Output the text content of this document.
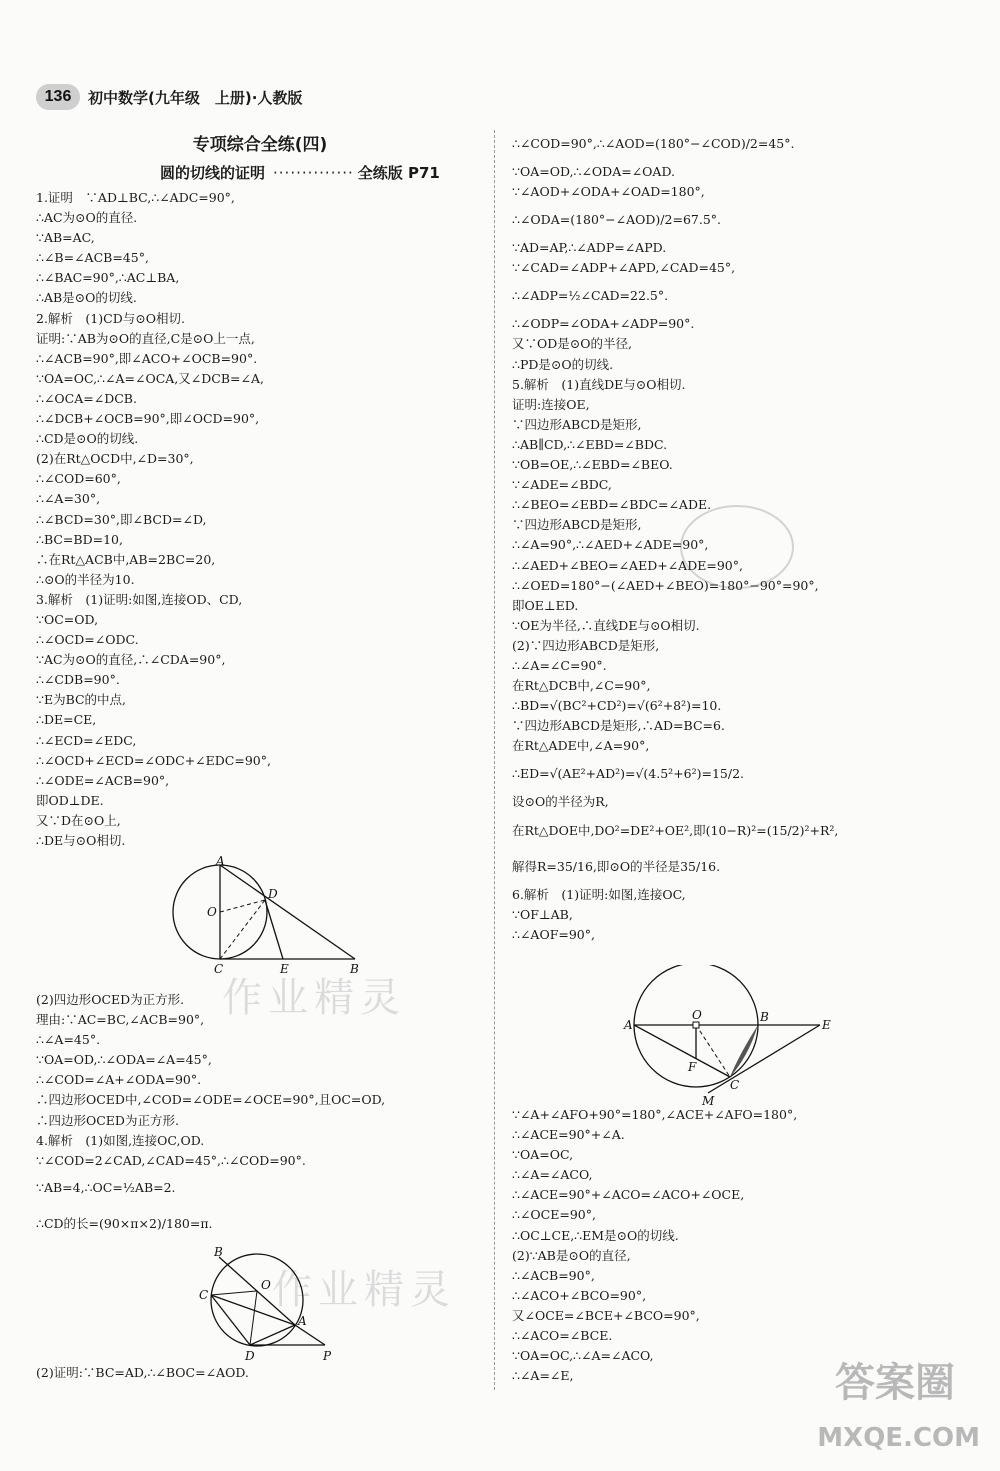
136	初中数学(九年级　上册)·人教版
专项综合全练(四)
圆的切线的证明 ·············· 全练版 P71
1.证明　∵AD⊥BC,∴∠ADC=90°,
∴AC为⊙O的直径.
∵AB=AC,
∴∠B=∠ACB=45°,
∴∠BAC=90°,∴AC⊥BA,
∴AB是⊙O的切线.
2.解析　(1)CD与⊙O相切.
证明:∵AB为⊙O的直径,C是⊙O上一点,
∴∠ACB=90°,即∠ACO+∠OCB=90°.
∵OA=OC,∴∠A=∠OCA,又∠DCB=∠A,
∴∠OCA=∠DCB.
∴∠DCB+∠OCB=90°,即∠OCD=90°,
∴CD是⊙O的切线.
(2)在Rt△OCD中,∠D=30°,
∴∠COD=60°,
∴∠A=30°,
∴∠BCD=30°,即∠BCD=∠D,
∴BC=BD=10,
∴在Rt△ACB中,AB=2BC=20,
∴⊙O的半径为10.
3.解析　(1)证明:如图,连接OD、CD,
∵OC=OD,
∴∠OCD=∠ODC.
∵AC为⊙O的直径,∴∠CDA=90°,
∴∠CDB=90°.
∵E为BC的中点,
∴DE=CE,
∴∠ECD=∠EDC,
∴∠OCD+∠ECD=∠ODC+∠EDC=90°,
∴∠ODE=∠ACB=90°,
即OD⊥DE.
又∵D在⊙O上,
∴DE与⊙O相切.
A
O
D
C	E	B
作业精灵
(2)四边形OCED为正方形.
理由:∵AC=BC,∠ACB=90°,
∴∠A=45°.
∵OA=OD,∴∠ODA=∠A=45°,
∴∠COD=∠A+∠ODA=90°.
∴四边形OCED中,∠COD=∠ODE=∠OCE=90°,且OC=OD,
∴四边形OCED为正方形.
4.解析　(1)如图,连接OC,OD.
∵∠COD=2∠CAD,∠CAD=45°,∴∠COD=90°.
∵AB=4,∴OC=½AB=2.
∴CD的长=(90×π×2)/180=π.
B
C
O
A
D	P
作业精灵
(2)证明:∵BC=AD,∴∠BOC=∠AOD.
∴∠COD=90°,∴∠AOD=(180°−∠COD)/2=45°.
∵OA=OD,∴∠ODA=∠OAD.
∵∠AOD+∠ODA+∠OAD=180°,
∴∠ODA=(180°−∠AOD)/2=67.5°.
∵AD=AP,∴∠ADP=∠APD.
∵∠CAD=∠ADP+∠APD,∠CAD=45°,
∴∠ADP=½∠CAD=22.5°.
∴∠ODP=∠ODA+∠ADP=90°.
又∵OD是⊙O的半径,
∴PD是⊙O的切线.
5.解析　(1)直线DE与⊙O相切.
证明:连接OE,
∵四边形ABCD是矩形,
∴AB∥CD,∴∠EBD=∠BDC.
∵OB=OE,∴∠EBD=∠BEO.
∵∠ADE=∠BDC,
∴∠BEO=∠EBD=∠BDC=∠ADE.
∵四边形ABCD是矩形,
∴∠A=90°,∴∠AED+∠ADE=90°,
∴∠AED+∠BEO=∠AED+∠ADE=90°,
∴∠OED=180°−(∠AED+∠BEO)=180°−90°=90°,
即OE⊥ED.
∵OE为半径,∴直线DE与⊙O相切.
(2)∵四边形ABCD是矩形,
∴∠A=∠C=90°.
在Rt△DCB中,∠C=90°,
∴BD=√(BC²+CD²)=√(6²+8²)=10.
∵四边形ABCD是矩形,∴AD=BC=6.
在Rt△ADE中,∠A=90°,
∴ED=√(AE²+AD²)=√(4.5²+6²)=15/2.
设⊙O的半径为R,
在Rt△DOE中,DO²=DE²+OE²,即(10−R)²=(15/2)²+R²,
解得R=35/16,即⊙O的半径是35/16.
6.解析　(1)证明:如图,连接OC,
∵OF⊥AB,
∴∠AOF=90°,
A
O	B
E
F
C
M
∵∠A+∠AFO+90°=180°,∠ACE+∠AFO=180°,
∴∠ACE=90°+∠A.
∵OA=OC,
∴∠A=∠ACO,
∴∠ACE=90°+∠ACO=∠ACO+∠OCE,
∴∠OCE=90°,
∴OC⊥CE,∴EM是⊙O的切线.
(2)∵AB是⊙O的直径,
∴∠ACB=90°,
∴∠ACO+∠BCO=90°,
又∠OCE=∠BCE+∠BCO=90°,
∴∠ACO=∠BCE.
∵OA=OC,∴∠A=∠ACO,
∴∠A=∠E,	答案圈
MXQE.COM
